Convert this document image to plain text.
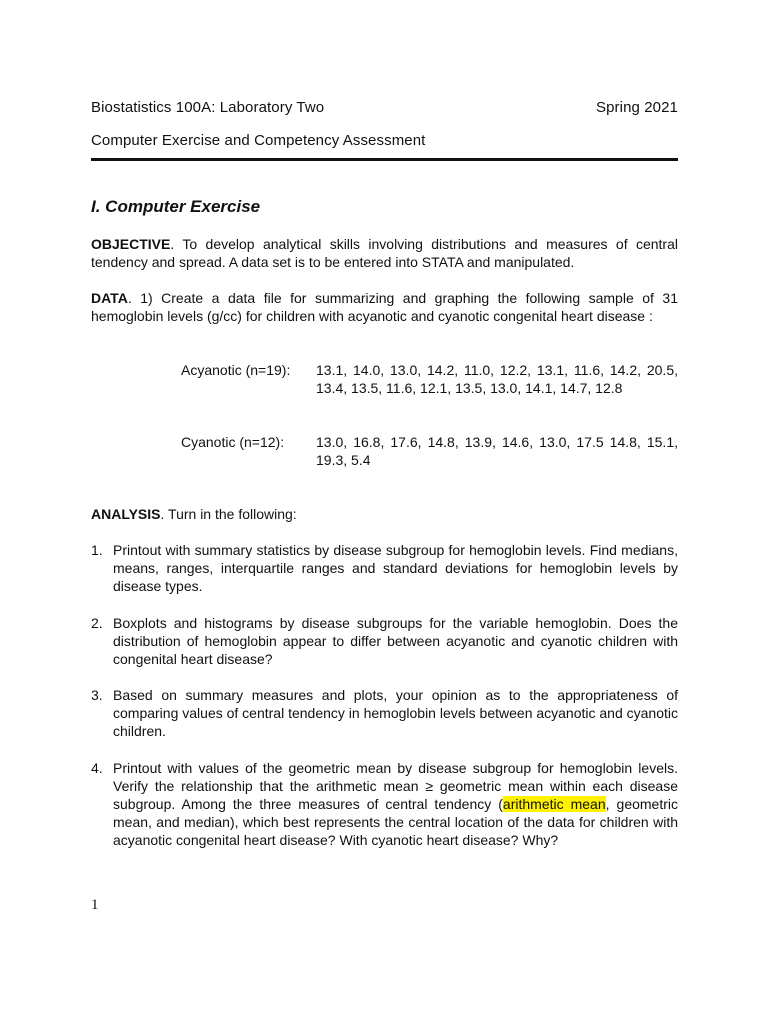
Biostatistics 100A: Laboratory Two	Spring 2021
Computer Exercise and Competency Assessment
I. Computer Exercise
OBJECTIVE. To develop analytical skills involving distributions and measures of central tendency and spread. A data set is to be entered into STATA and manipulated.
DATA. 1) Create a data file for summarizing and graphing the following sample of 31 hemoglobin levels (g/cc) for children with acyanotic and cyanotic congenital heart disease :
Acyanotic (n=19):	13.1, 14.0, 13.0, 14.2, 11.0, 12.2, 13.1, 11.6, 14.2, 20.5, 13.4, 13.5, 11.6, 12.1, 13.5, 13.0, 14.1, 14.7, 12.8
Cyanotic (n=12):	13.0, 16.8, 17.6, 14.8, 13.9, 14.6, 13.0, 17.5 14.8, 15.1, 19.3, 5.4
ANALYSIS. Turn in the following:
1. Printout with summary statistics by disease subgroup for hemoglobin levels. Find medians, means, ranges, interquartile ranges and standard deviations for hemoglobin levels by disease types.
2. Boxplots and histograms by disease subgroups for the variable hemoglobin. Does the distribution of hemoglobin appear to differ between acyanotic and cyanotic children with congenital heart disease?
3. Based on summary measures and plots, your opinion as to the appropriateness of comparing values of central tendency in hemoglobin levels between acyanotic and cyanotic children.
4. Printout with values of the geometric mean by disease subgroup for hemoglobin levels. Verify the relationship that the arithmetic mean ≥ geometric mean within each disease subgroup. Among the three measures of central tendency (arithmetic mean, geometric mean, and median), which best represents the central location of the data for children with acyanotic congenital heart disease? With cyanotic heart disease? Why?
1
